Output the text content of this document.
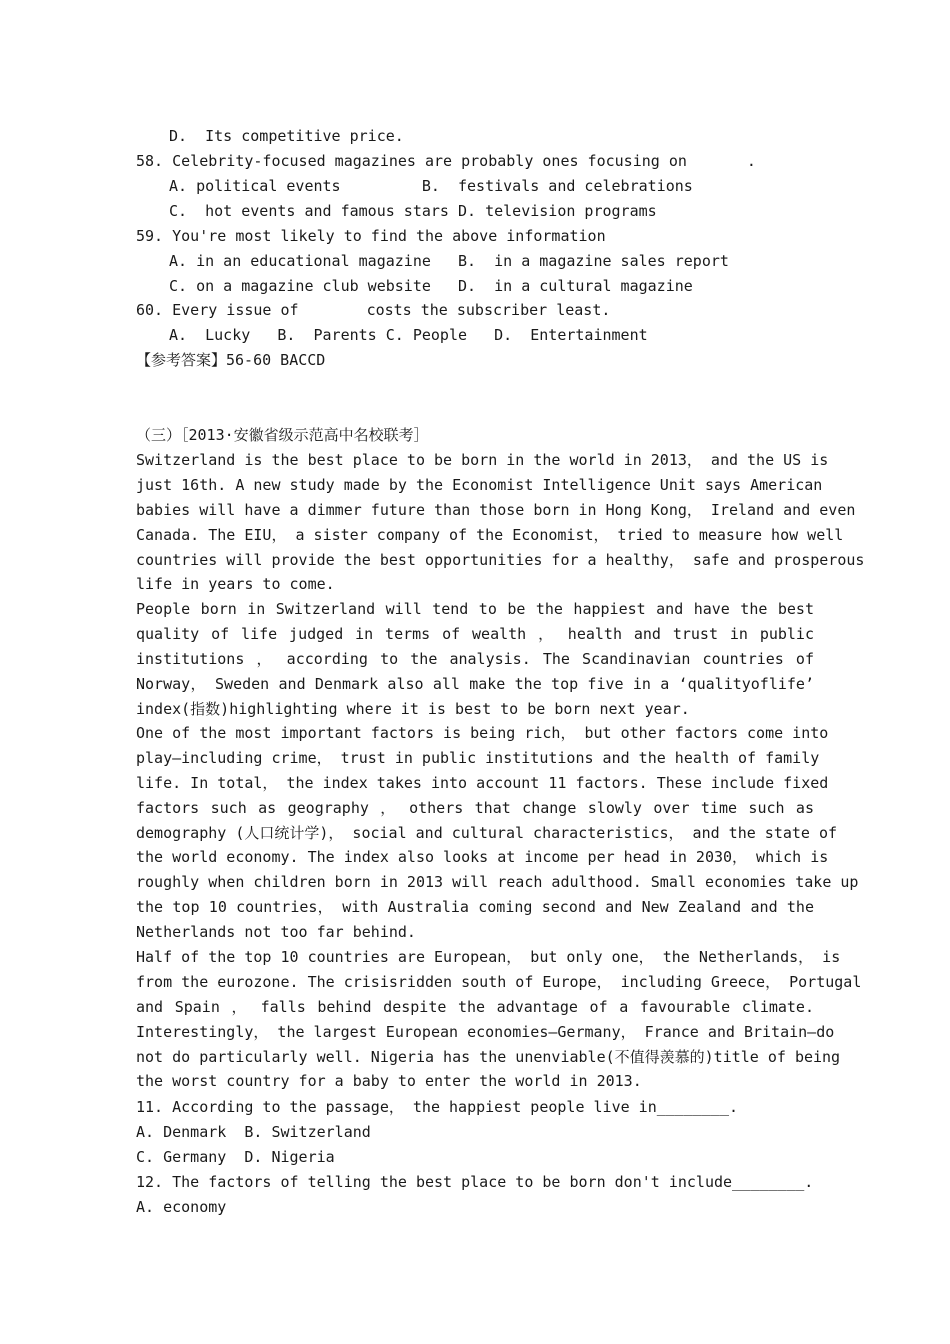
D.  Its competitive price.
58. Celebrity-focused magazines are probably ones focusing on	.
A. political events         B.  festivals and celebrations
C.  hot events and famous stars D. television programs
59. You're most likely to find the above information
A. in an educational magazine   B.  in a magazine sales report
C. on a magazine club website   D.  in a cultural magazine
60. Every issue of	costs the subscriber least.
A.  Lucky   B.  Parents C. People   D.  Entertainment
【参考答案】56-60 BACCD
（三）［2013·安徽省级示范高中名校联考］
Switzerland is the best place to be born in the world in 2013， and the US is
just 16th. A new study made by the Economist Intelligence Unit says American
babies will have a dimmer future than those born in Hong Kong， Ireland and even
Canada. The EIU， a sister company of the Economist， tried to measure how well
countries will provide the best opportunities for a healthy， safe and prosperous
life in years to come.
People born in Switzerland will tend to be the happiest and have the best
quality of life judged in terms of wealth ， health and trust in public
institutions ， according to the analysis. The Scandinavian countries of
Norway， Sweden and Denmark also all make the top five in a ‘qualityoflife’
index(指数)highlighting where it is best to be born next year.
One of the most important factors is being rich， but other factors come into
play—including crime， trust in public institutions and the health of family
life. In total， the index takes into account 11 factors. These include fixed
factors such as geography ， others that change slowly over time such as
demography (人口统计学)， social and cultural characteristics， and the state of
the world economy. The index also looks at income per head in 2030， which is
roughly when children born in 2013 will reach adulthood. Small economies take up
the top 10 countries， with Australia coming second and New Zealand and the
Netherlands not too far behind.
Half of the top 10 countries are European， but only one， the Netherlands， is
from the eurozone. The crisisridden south of Europe， including Greece， Portugal
and Spain ， falls behind despite the advantage of a favourable climate.
Interestingly， the largest European economies—Germany， France and Britain—do
not do particularly well. Nigeria has the unenviable(不值得羡慕的)title of being
the worst country for a baby to enter the world in 2013.
11. According to the passage， the happiest people live in________.
A. Denmark  B. Switzerland
C. Germany  D. Nigeria
12. The factors of telling the best place to be born don't include________.
A. economy
